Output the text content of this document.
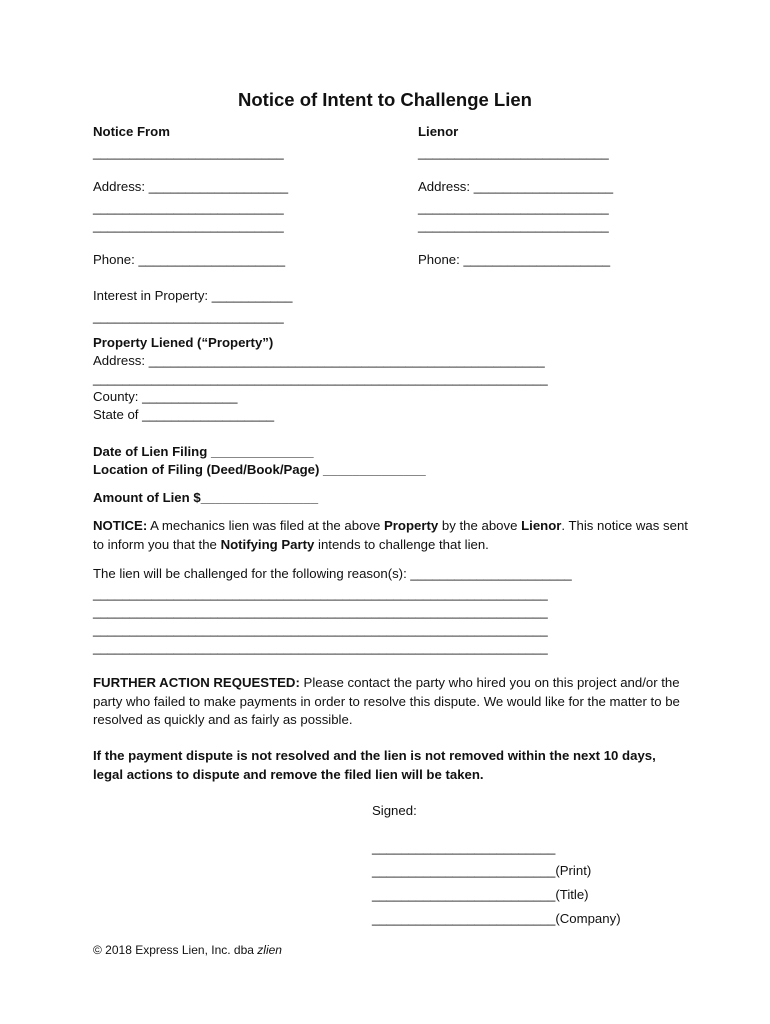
Notice of Intent to Challenge Lien
Notice From
__________________________
Address: ___________________
__________________________
__________________________
Phone: ____________________
Interest in Property: ___________
__________________________
Lienor
__________________________
Address: ___________________
__________________________
__________________________
Phone: ____________________
Property Liened (“Property”)
Address: ______________________________________________________
______________________________________________________________
County: _____________
State of __________________
Date of Lien Filing ______________
Location of Filing (Deed/Book/Page) ______________
Amount of Lien $________________
NOTICE: A mechanics lien was filed at the above Property by the above Lienor. This notice was sent to inform you that the Notifying Party intends to challenge that lien.
The lien will be challenged for the following reason(s): ______________________
______________________________________________________________
______________________________________________________________
______________________________________________________________
______________________________________________________________
FURTHER ACTION REQUESTED: Please contact the party who hired you on this project and/or the party who failed to make payments in order to resolve this dispute. We would like for the matter to be resolved as quickly and as fairly as possible.
If the payment dispute is not resolved and the lien is not removed within the next 10 days, legal actions to dispute and remove the filed lien will be taken.
Signed:
_________________________
_________________________(Print)
_________________________(Title)
_________________________(Company)
© 2018 Express Lien, Inc. dba zlien
